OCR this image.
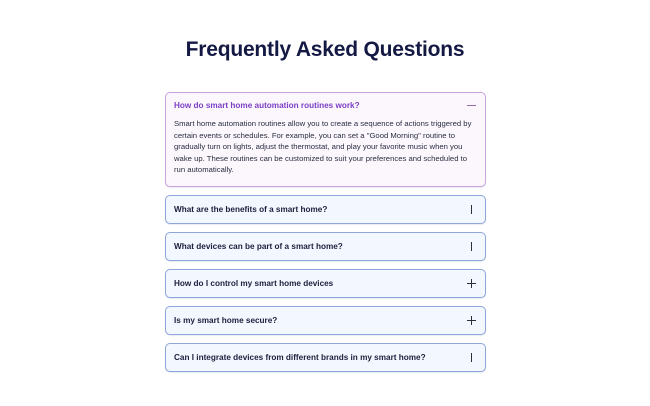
Frequently Asked Questions
How do smart home automation routines work?
Smart home automation routines allow you to create a sequence of actions triggered by certain events or schedules. For example, you can set a "Good Morning" routine to gradually turn on lights, adjust the thermostat, and play your favorite music when you wake up. These routines can be customized to suit your preferences and scheduled to run automatically.
What are the benefits of a smart home?
What devices can be part of a smart home?
How do I control my smart home devices
Is my smart home secure?
Can I integrate devices from different brands in my smart home?
